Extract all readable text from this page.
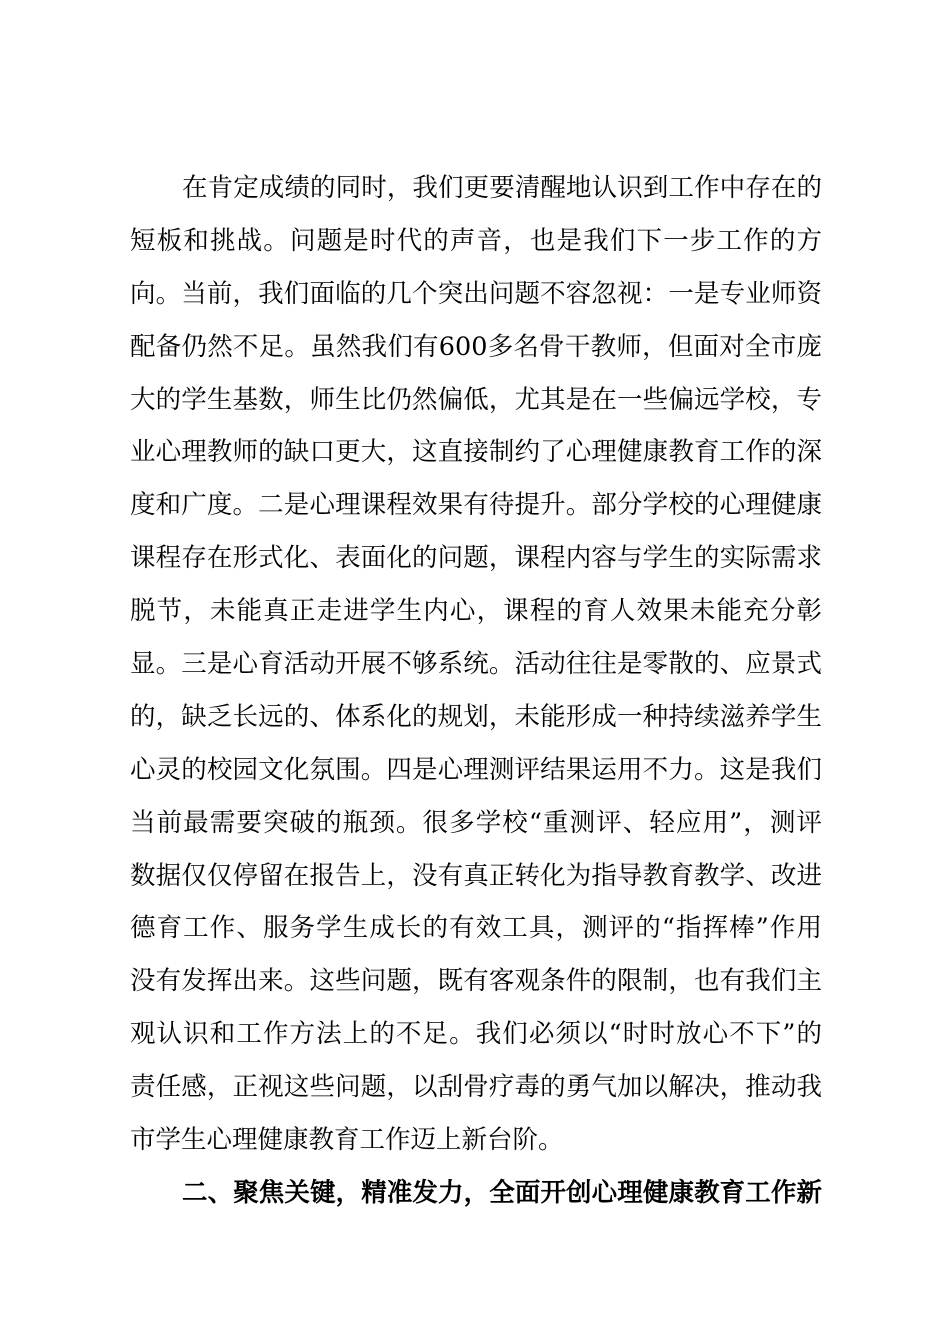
在肯定成绩的同时，我们更要清醒地认识到工作中存在的
短板和挑战。问题是时代的声音，也是我们下一步工作的方
向。当前，我们面临的几个突出问题不容忽视：一是专业师资
配备仍然不足。虽然我们有600多名骨干教师，但面对全市庞
大的学生基数，师生比仍然偏低，尤其是在一些偏远学校，专
业心理教师的缺口更大，这直接制约了心理健康教育工作的深
度和广度。二是心理课程效果有待提升。部分学校的心理健康
课程存在形式化、表面化的问题，课程内容与学生的实际需求
脱节，未能真正走进学生内心，课程的育人效果未能充分彰
显。三是心育活动开展不够系统。活动往往是零散的、应景式
的，缺乏长远的、体系化的规划，未能形成一种持续滋养学生
心灵的校园文化氛围。四是心理测评结果运用不力。这是我们
当前最需要突破的瓶颈。很多学校“重测评、轻应用”，测评
数据仅仅停留在报告上，没有真正转化为指导教育教学、改进
德育工作、服务学生成长的有效工具，测评的“指挥棒”作用
没有发挥出来。这些问题，既有客观条件的限制，也有我们主
观认识和工作方法上的不足。我们必须以“时时放心不下”的
责任感，正视这些问题，以刮骨疗毒的勇气加以解决，推动我
市学生心理健康教育工作迈上新台阶。
二、聚焦关键，精准发力，全面开创心理健康教育工作新
